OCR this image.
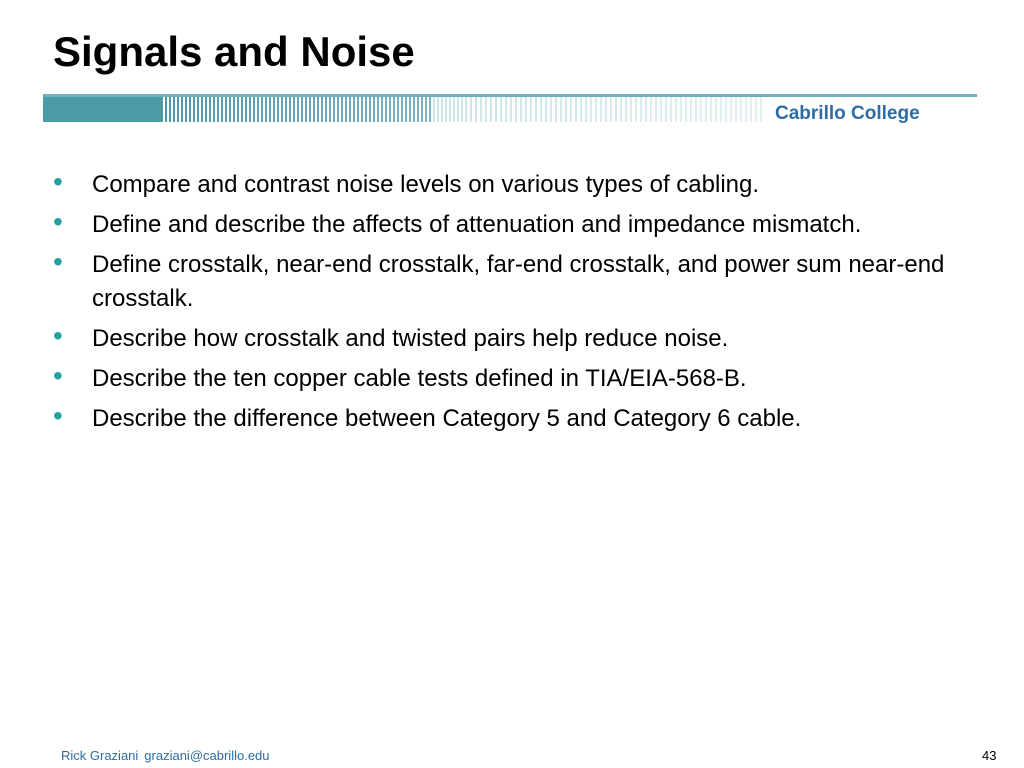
Signals and Noise
Cabrillo College
• Compare and contrast noise levels on various types of cabling.
• Define and describe the affects of attenuation and impedance mismatch.
• Define crosstalk, near-end crosstalk, far-end crosstalk, and power sum near-end crosstalk.
• Describe how crosstalk and twisted pairs help reduce noise.
• Describe the ten copper cable tests defined in TIA/EIA-568-B.
• Describe the difference between Category 5 and Category 6 cable.
Rick Graziani graziani@cabrillo.edu	43
